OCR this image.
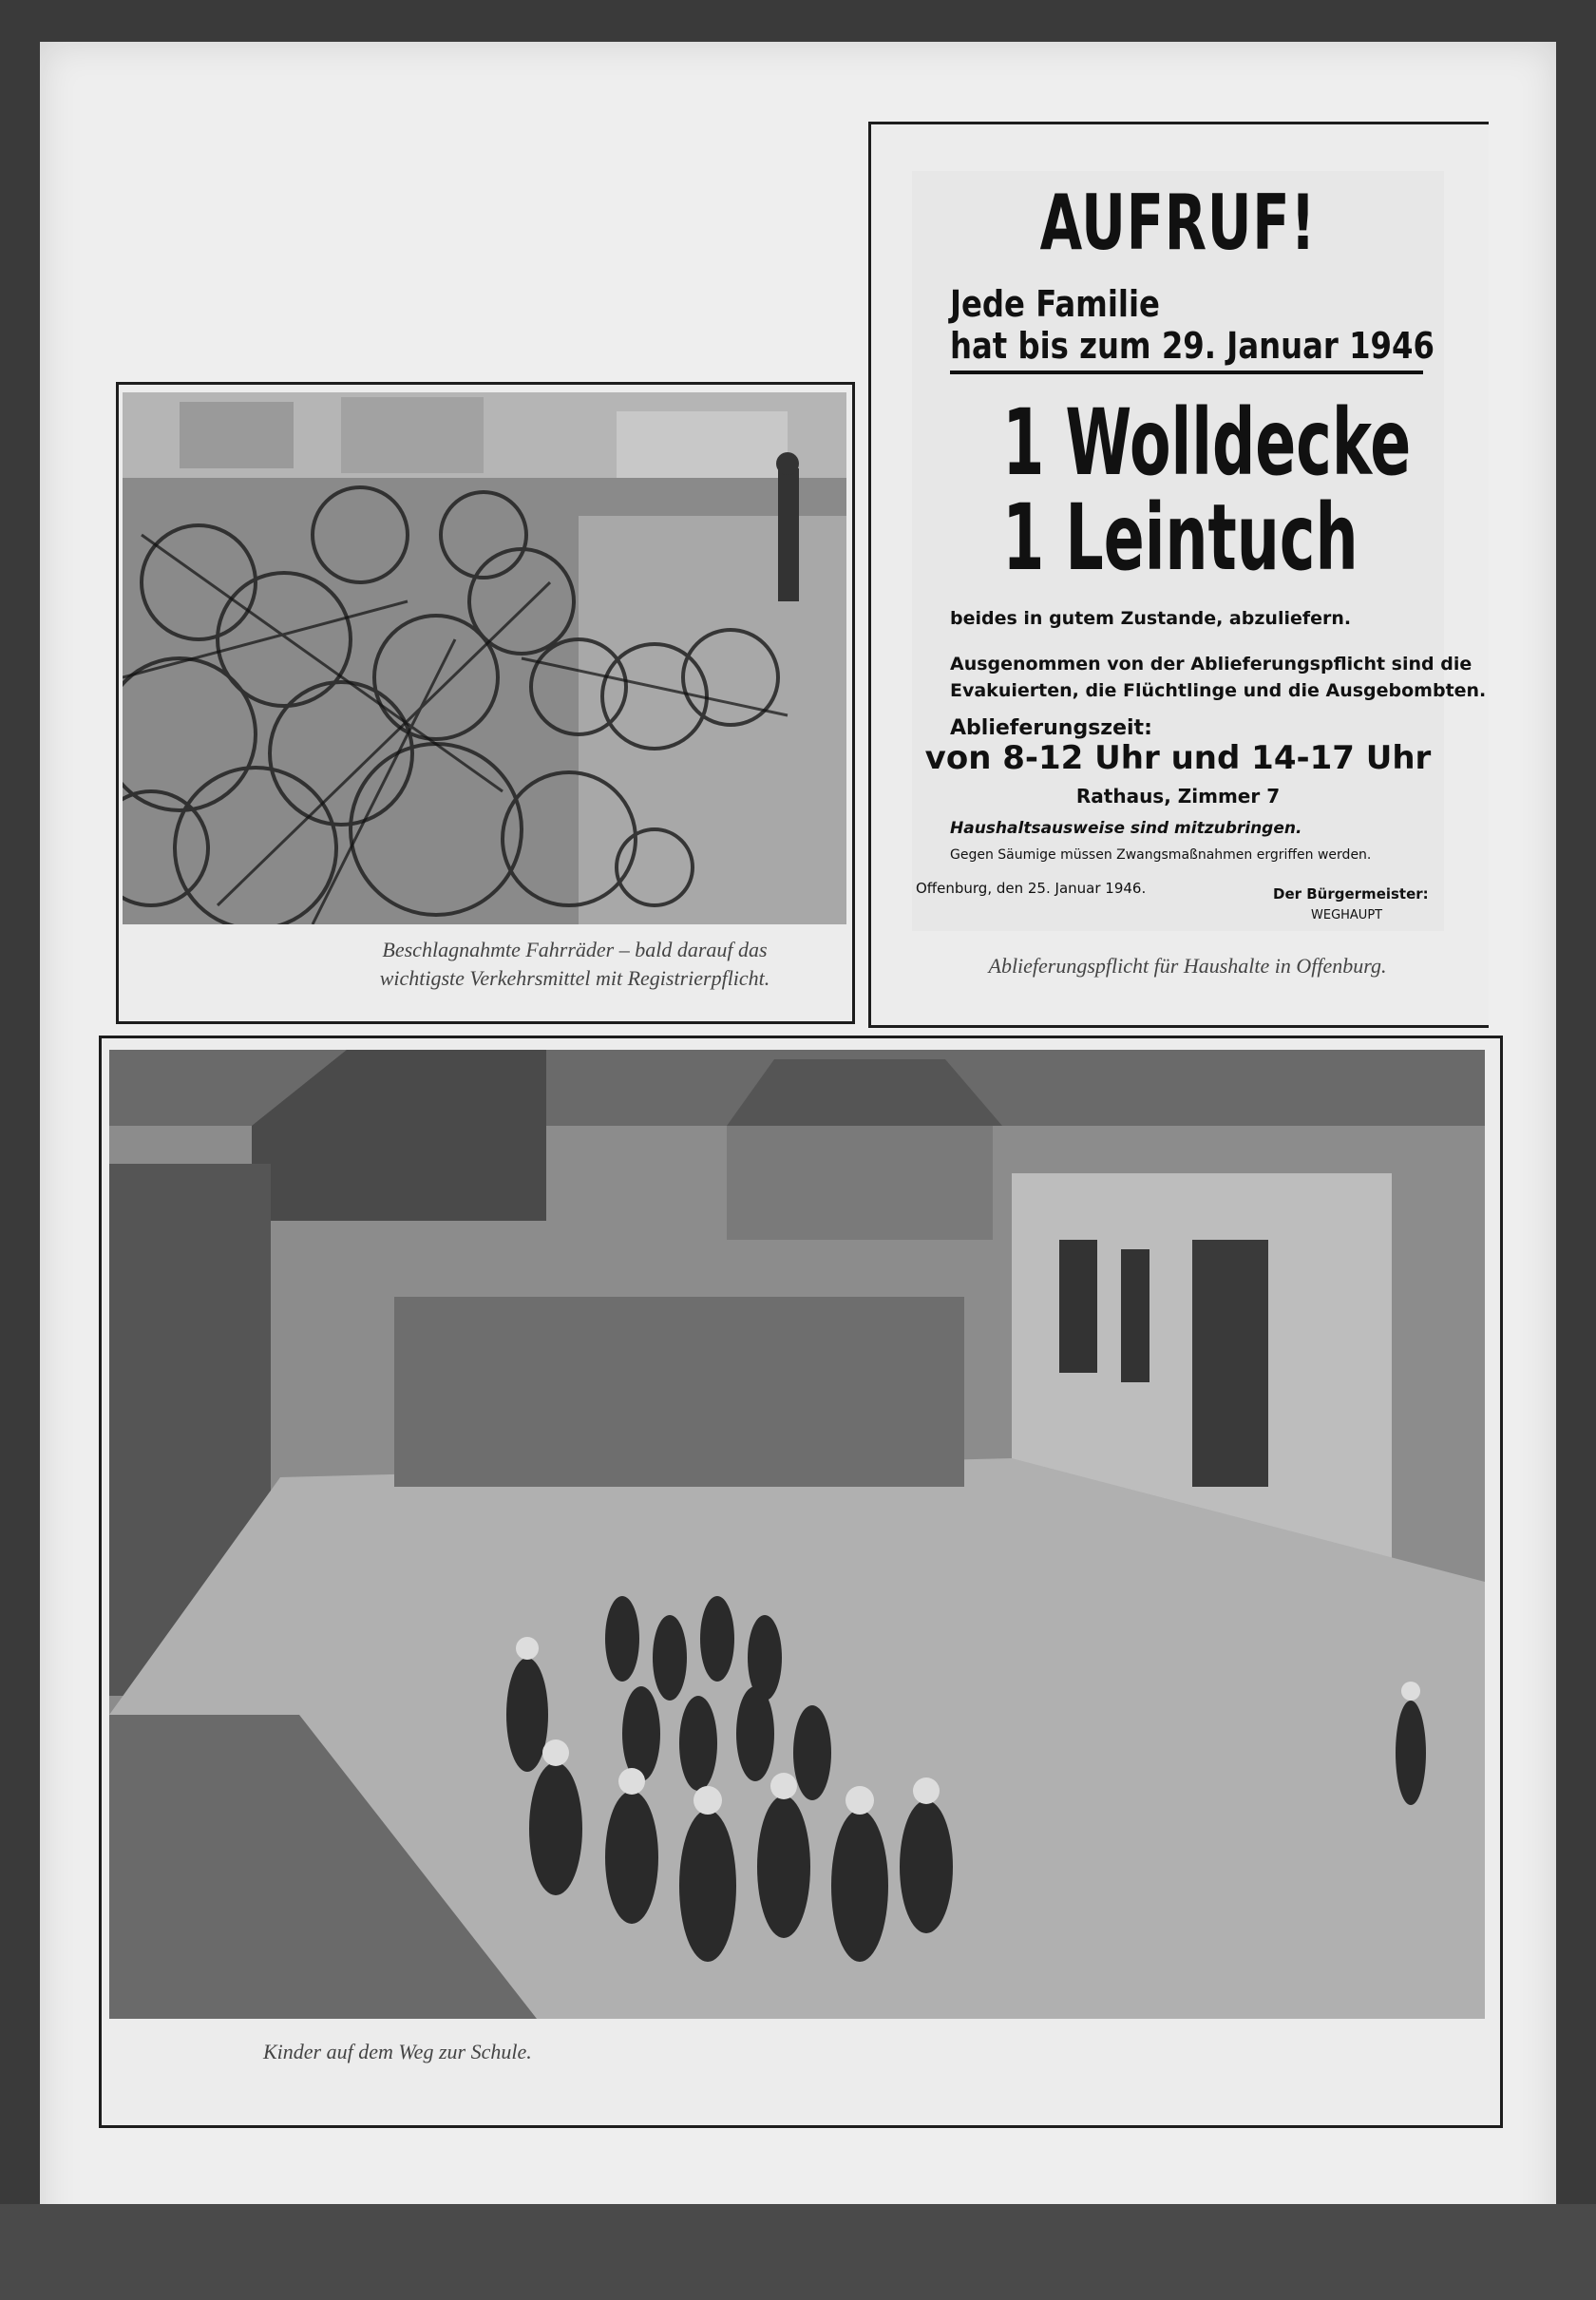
Beschlagnahmte Fahrräder – bald darauf das
wichtigste Verkehrsmittel mit Registrierpflicht.
AUFRUF!
Jede Familie
hat bis zum 29. Januar 1946
1 Wolldecke
1 Leintuch
beides in gutem Zustande, abzuliefern.
Ausgenommen von der Ablieferungspflicht sind die
Evakuierten, die Flüchtlinge und die Ausgebombten.
Ablieferungszeit:
von 8-12 Uhr und 14-17 Uhr
Rathaus, Zimmer 7
Haushaltsausweise sind mitzubringen.
Gegen Säumige müssen Zwangsmaßnahmen ergriffen werden.
Offenburg, den 25. Januar 1946.	Der Bürgermeister:
WEGHAUPT
Ablieferungspflicht für Haushalte in Offenburg.
Kinder auf dem Weg zur Schule.
